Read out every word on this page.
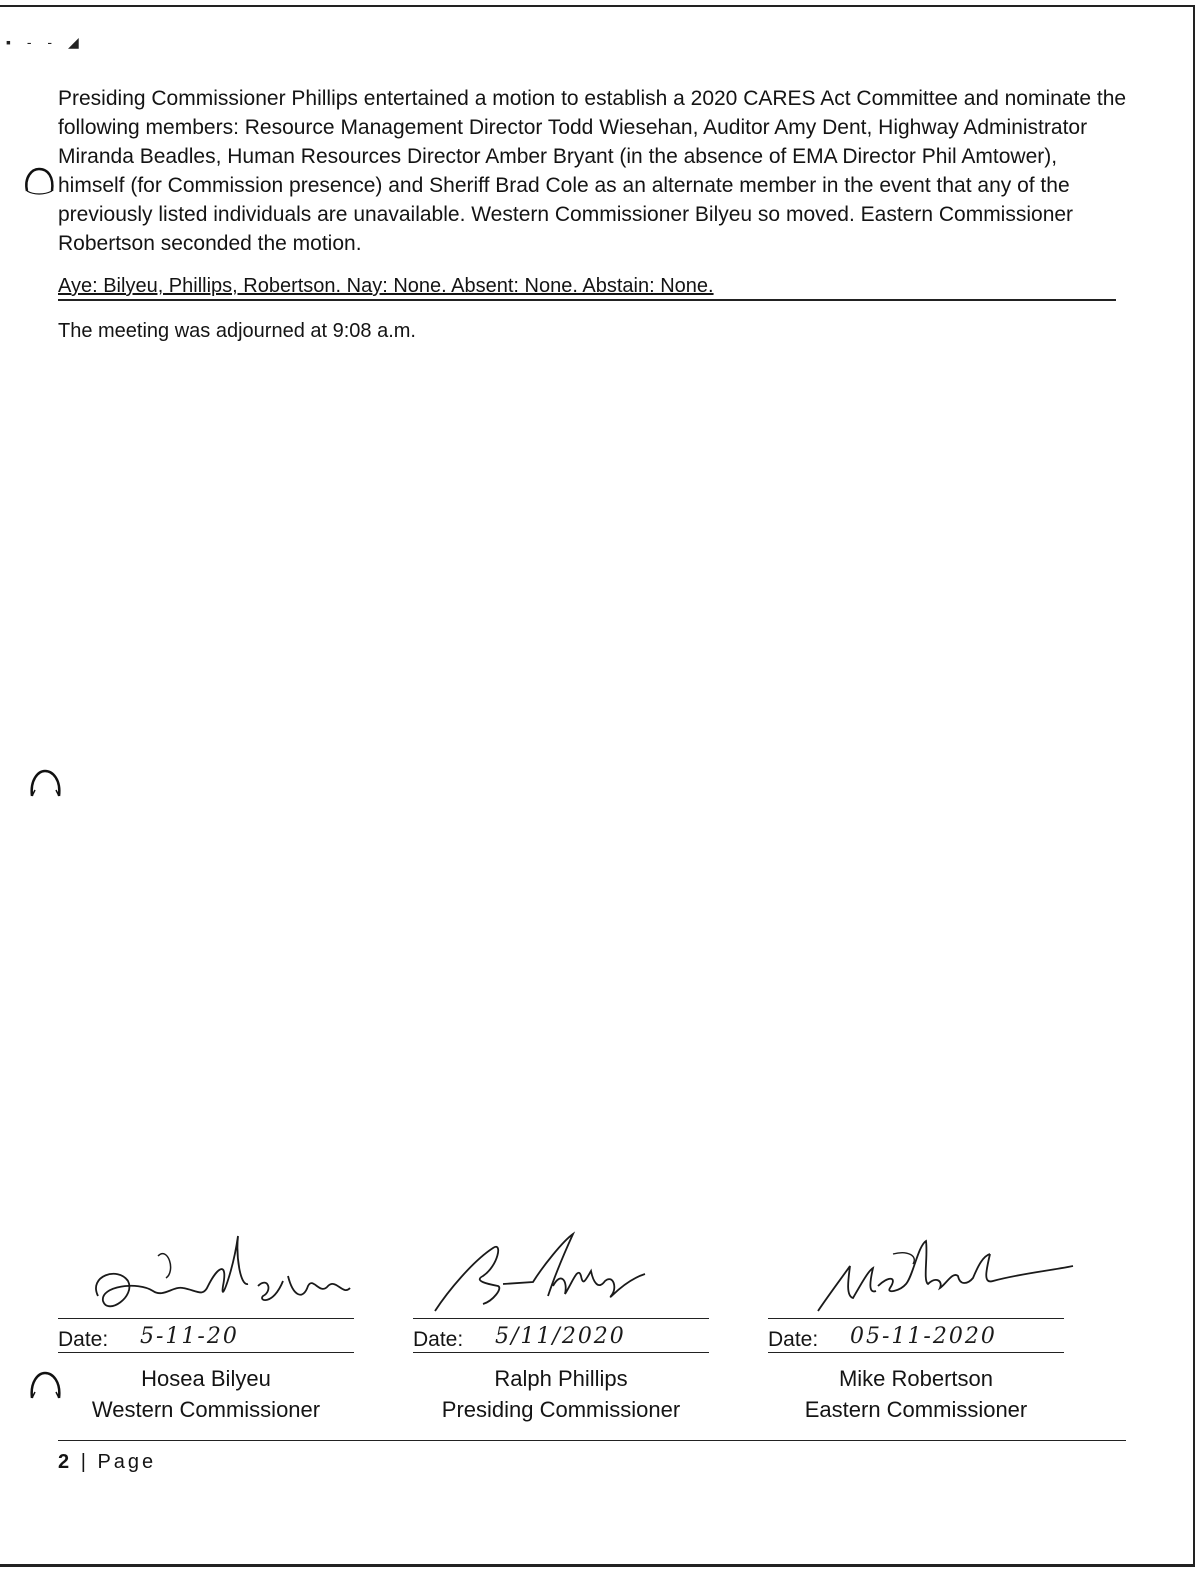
▪ ‐ ‐ ◢

Presiding Commissioner Phillips entertained a motion to establish a 2020 CARES Act Committee and nominate the following members: Resource Management Director Todd Wiesehan, Auditor Amy Dent, Highway Administrator Miranda Beadles, Human Resources Director Amber Bryant (in the absence of EMA Director Phil Amtower), himself (for Commission presence) and Sheriff Brad Cole as an alternate member in the event that any of the previously listed individuals are unavailable. Western Commissioner Bilyeu so moved. Eastern Commissioner Robertson seconded the motion.

Aye: Bilyeu, Phillips, Robertson. Nay: None. Absent: None. Abstain: None.

The meeting was adjourned at 9:08 a.m.

Date: 5-11-20
Hosea Bilyeu
Western Commissioner
Date: 5/11/2020
Ralph Phillips
Presiding Commissioner
Date: 05-11-2020
Mike Robertson
Eastern Commissioner
2 | Page
